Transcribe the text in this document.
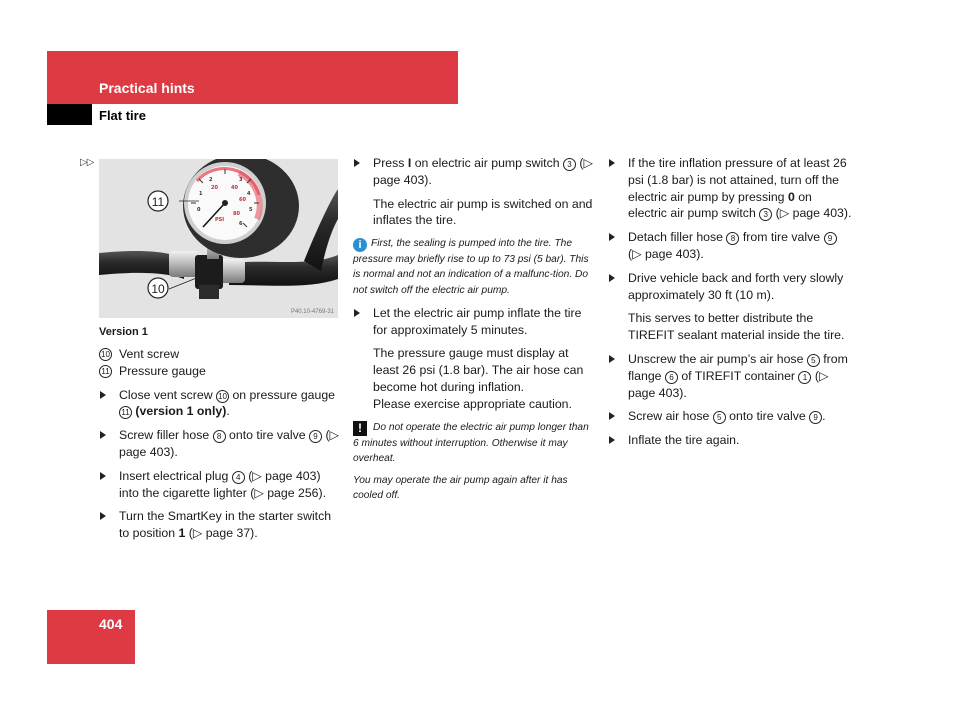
Practical hints
Flat tire
▷▷
2	3
1	4
0	5
6
20	40
60
80
PSI
11
10
P40.10-4769-31
Version 1
10 Vent screw
11 Pressure gauge

Close vent screw 10 on pressure gauge 11 (version 1 only).

Screw filler hose 8 onto tire valve 9 (▷ page 403).

Insert electrical plug 4 (▷ page 403) into the cigarette lighter (▷ page 256).

Turn the SmartKey in the starter switch to position 1 (▷ page 37).

Press I on electric air pump switch 3 (▷ page 403).

The electric air pump is switched on and inflates the tire.

i First, the sealing is pumped into the tire. The pressure may briefly rise to up to 73 psi (5 bar). This is normal and not an indication of a malfunc-tion. Do not switch off the electric air pump.

Let the electric air pump inflate the tire for approximately 5 minutes.

The pressure gauge must display at least 26 psi (1.8 bar). The air hose can become hot during inflation.

Please exercise appropriate caution.

! Do not operate the electric air pump longer than 6 minutes without interruption. Otherwise it may overheat.

You may operate the air pump again after it has cooled off.

If the tire inflation pressure of at least 26 psi (1.8 bar) is not attained, turn off the electric air pump by pressing 0 on electric air pump switch 3 (▷ page 403).

Detach filler hose 8 from tire valve 9 (▷ page 403).

Drive vehicle back and forth very slowly approximately 30 ft (10 m).

This serves to better distribute the TIREFIT sealant material inside the tire.

Unscrew the air pump’s air hose 5 from flange 6 of TIREFIT container 1 (▷ page 403).

Screw air hose 5 onto tire valve 9 .

Inflate the tire again.

404
